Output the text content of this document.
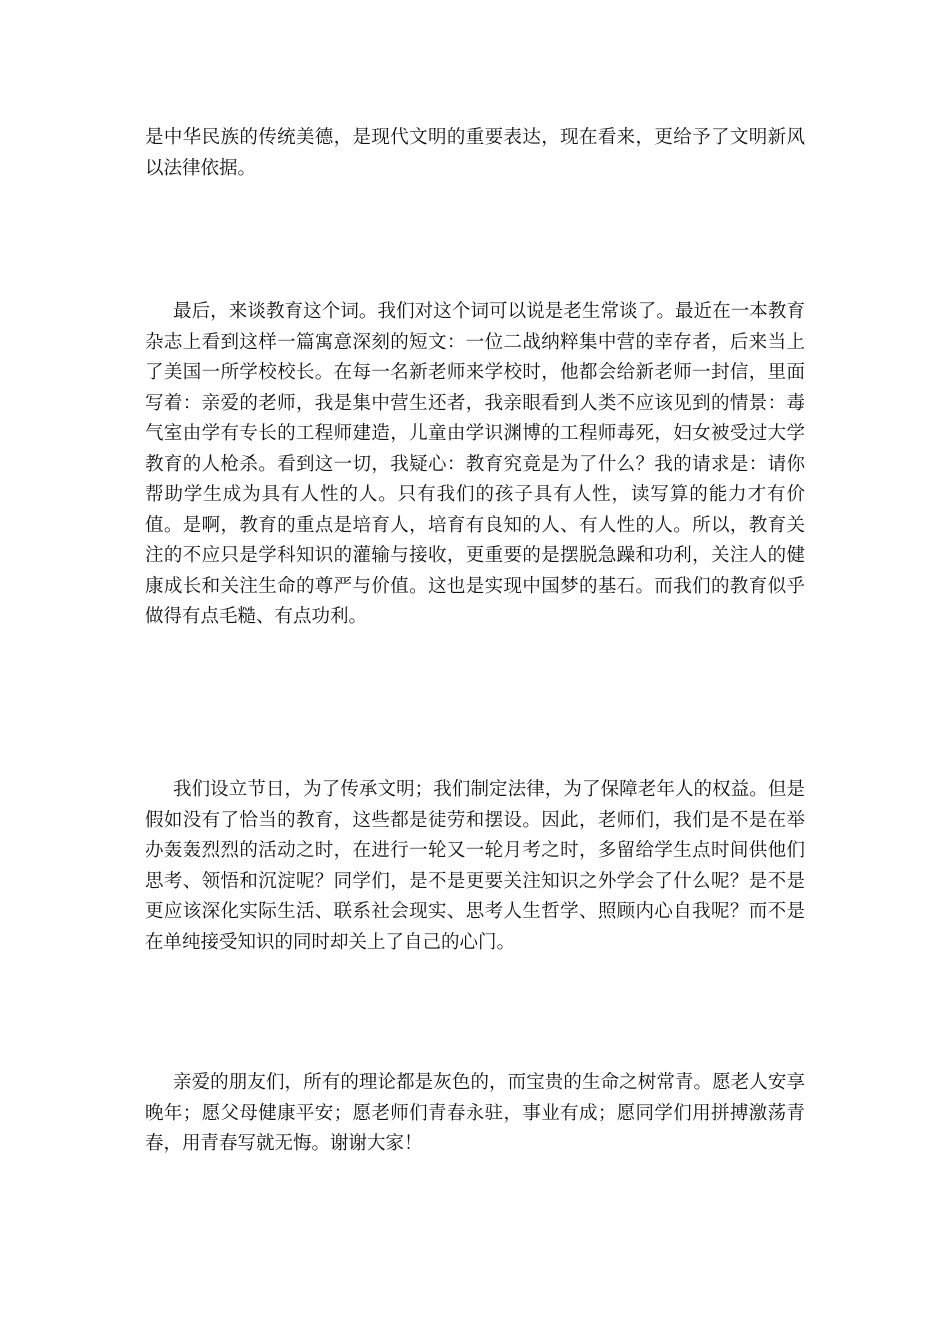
是中华民族的传统美德，是现代文明的重要表达，现在看来，更给予了文明新风以法律依据。

最后，来谈教育这个词。我们对这个词可以说是老生常谈了。最近在一本教育杂志上看到这样一篇寓意深刻的短文：一位二战纳粹集中营的幸存者，后来当上了美国一所学校校长。在每一名新老师来学校时，他都会给新老师一封信，里面写着：亲爱的老师，我是集中营生还者，我亲眼看到人类不应该见到的情景：毒气室由学有专长的工程师建造，儿童由学识渊博的工程师毒死，妇女被受过大学教育的人枪杀。看到这一切，我疑心：教育究竟是为了什么？我的请求是：请你帮助学生成为具有人性的人。只有我们的孩子具有人性，读写算的能力才有价值。是啊，教育的重点是培育人，培育有良知的人、有人性的人。所以，教育关注的不应只是学科知识的灌输与接收，更重要的是摆脱急躁和功利，关注人的健康成长和关注生命的尊严与价值。这也是实现中国梦的基石。而我们的教育似乎做得有点毛糙、有点功利。

我们设立节日，为了传承文明；我们制定法律，为了保障老年人的权益。但是假如没有了恰当的教育，这些都是徒劳和摆设。因此，老师们，我们是不是在举办轰轰烈烈的活动之时，在进行一轮又一轮月考之时，多留给学生点时间供他们思考、领悟和沉淀呢？同学们，是不是更要关注知识之外学会了什么呢？是不是更应该深化实际生活、联系社会现实、思考人生哲学、照顾内心自我呢？而不是在单纯接受知识的同时却关上了自己的心门。

亲爱的朋友们，所有的理论都是灰色的，而宝贵的生命之树常青。愿老人安享晚年；愿父母健康平安；愿老师们青春永驻，事业有成；愿同学们用拼搏激荡青春，用青春写就无悔。谢谢大家！
